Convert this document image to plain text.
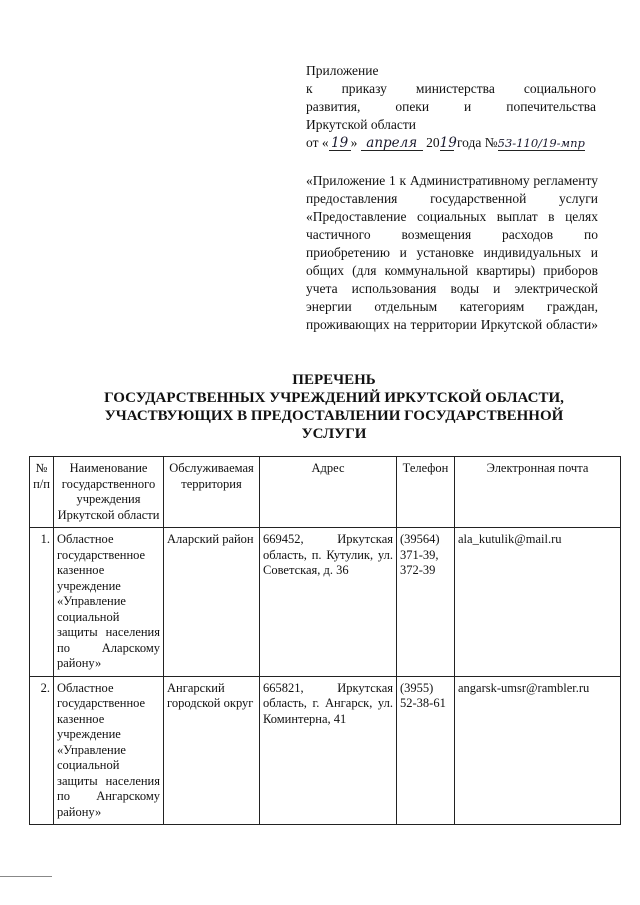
Приложение
к приказу министерства социального
развития,	опеки	и	попечительства
Иркутской области
от « 19 » апреля 2019 года №53-110/19-мпр
«Приложение 1 к Административному регламенту предоставления государственной услуги «Предоставление социальных выплат в целях частичного возмещения расходов по приобретению и установке индивидуальных и общих (для коммунальной квартиры) приборов учета использования воды и электрической энергии отдельным категориям граждан, проживающих на территории Иркутской области»
ПЕРЕЧЕНЬ
ГОСУДАРСТВЕННЫХ УЧРЕЖДЕНИЙ ИРКУТСКОЙ ОБЛАСТИ,
УЧАСТВУЮЩИХ В ПРЕДОСТАВЛЕНИИ ГОСУДАРСТВЕННОЙ
УСЛУГИ
№ п/п	Наименование государственного учреждения Иркутской области	Обслуживаемая территория	Адрес	Телефон	Электронная почта
1.	Областное государственное казенное учреждение «Управление социальной защиты населения по Аларскому району»	Аларский район	669452, Иркутская область, п. Кутулик, ул. Советская, д. 36	(39564) 371-39, 372-39	ala_kutulik@mail.ru
2.	Областное государственное казенное учреждение «Управление социальной защиты населения по Ангарскому району»	Ангарский городской округ	665821, Иркутская область, г. Ангарск, ул. Коминтерна, 41	(3955) 52-38-61	angarsk-umsr@rambler.ru
